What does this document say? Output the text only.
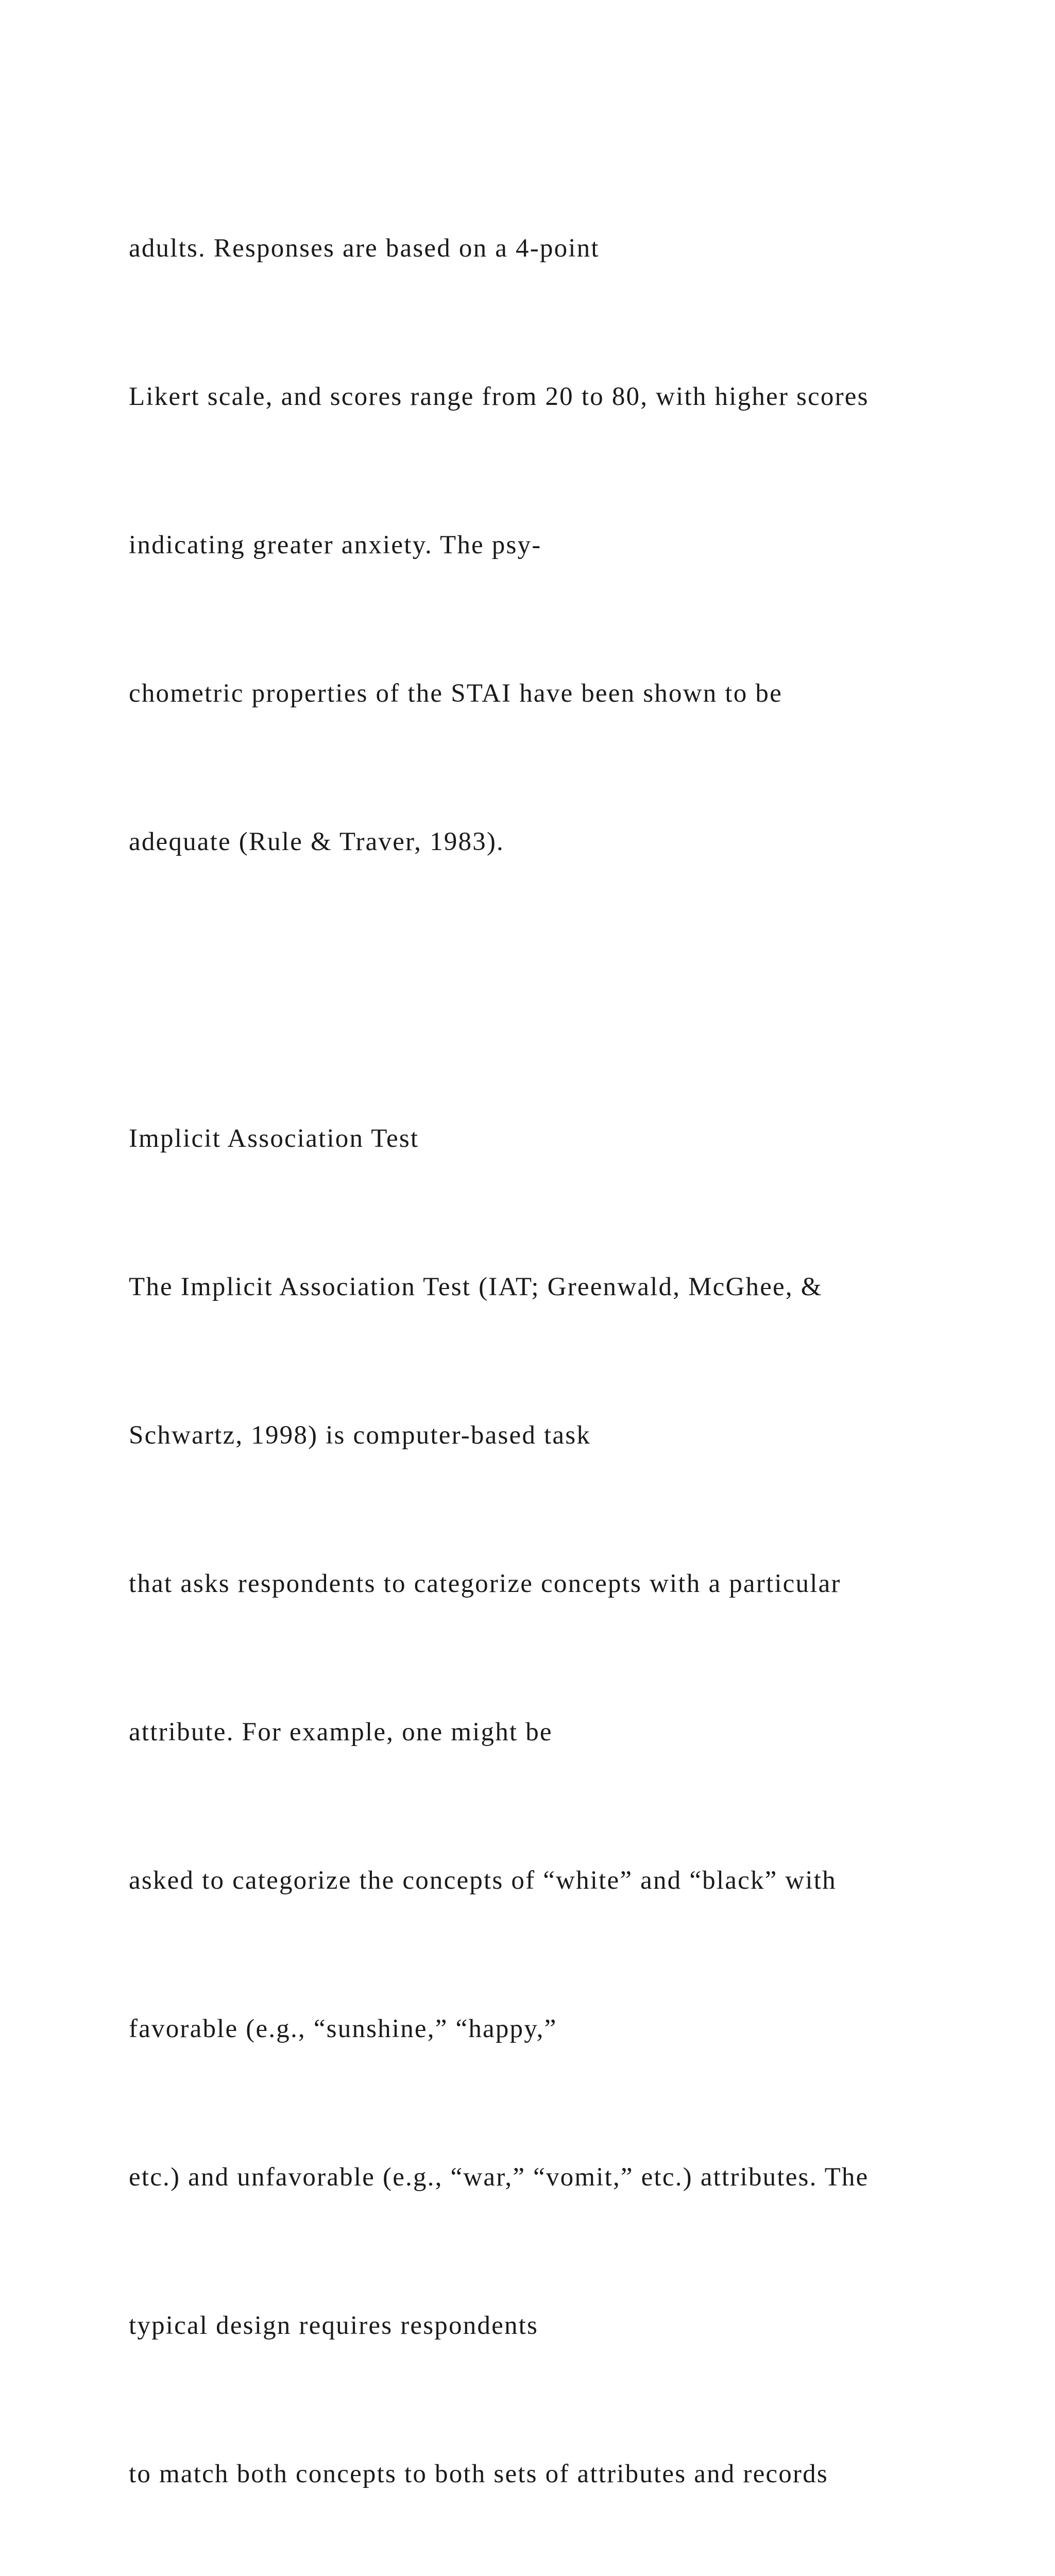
adults. Responses are based on a 4-point

Likert scale, and scores range from 20 to 80, with higher scores

indicating greater anxiety. The psy-

chometric properties of the STAI have been shown to be

adequate (Rule & Traver, 1983).

Implicit Association Test

The Implicit Association Test (IAT; Greenwald, McGhee, &

Schwartz, 1998) is computer-based task

that asks respondents to categorize concepts with a particular

attribute. For example, one might be

asked to categorize the concepts of “white” and “black” with

favorable (e.g., “sunshine,” “happy,”

etc.) and unfavorable (e.g., “war,” “vomit,” etc.) attributes. The

typical design requires respondents

to match both concepts to both sets of attributes and records
